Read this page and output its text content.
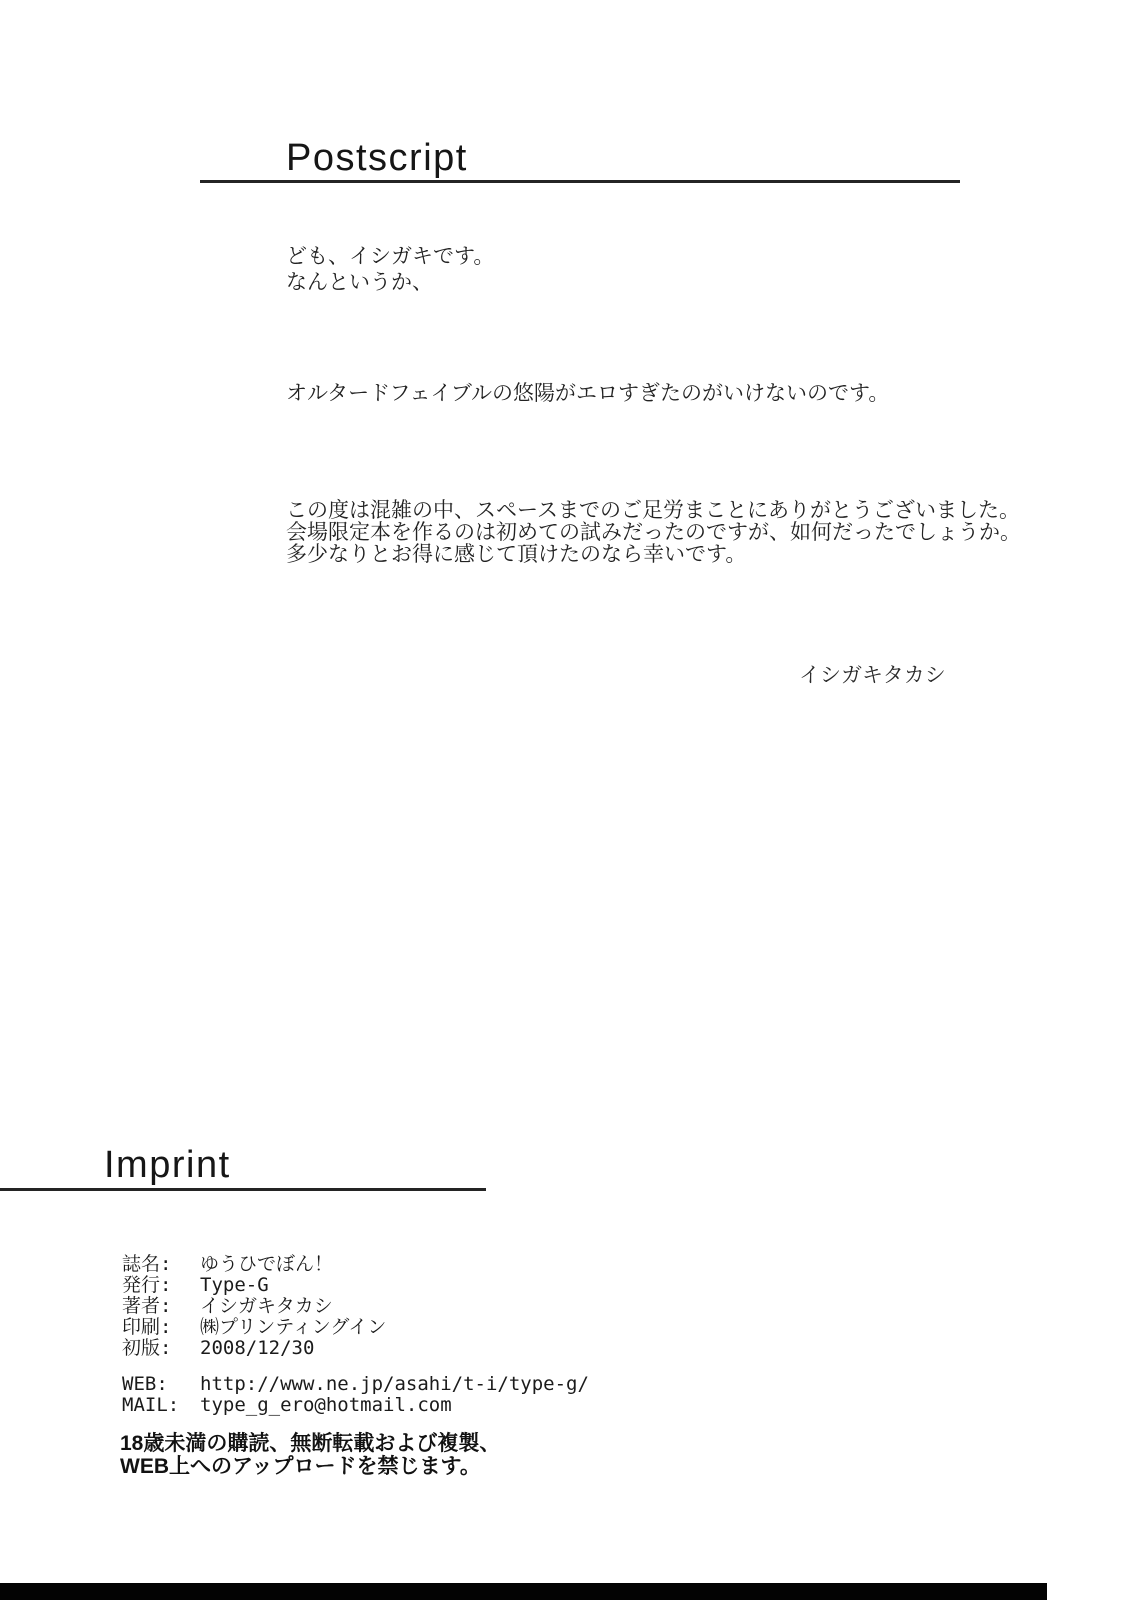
Postscript
ども、イシガキです。
なんというか、
オルタードフェイブルの悠陽がエロすぎたのがいけないのです。
この度は混雑の中、スペースまでのご足労まことにありがとうございました。
会場限定本を作るのは初めての試みだったのですが、如何だったでしょうか。
多少なりとお得に感じて頂けたのなら幸いです。
イシガキタカシ
Imprint
誌名: ゆうひでぼん！
発行: Type-G
著者: イシガキタカシ
印刷: ㈱プリンティングイン
初版: 2008/12/30
WEB: http://www.ne.jp/asahi/t-i/type-g/
MAIL: type_g_ero@hotmail.com
18歳未満の購読、無断転載および複製、
WEB上へのアップロードを禁じます。
